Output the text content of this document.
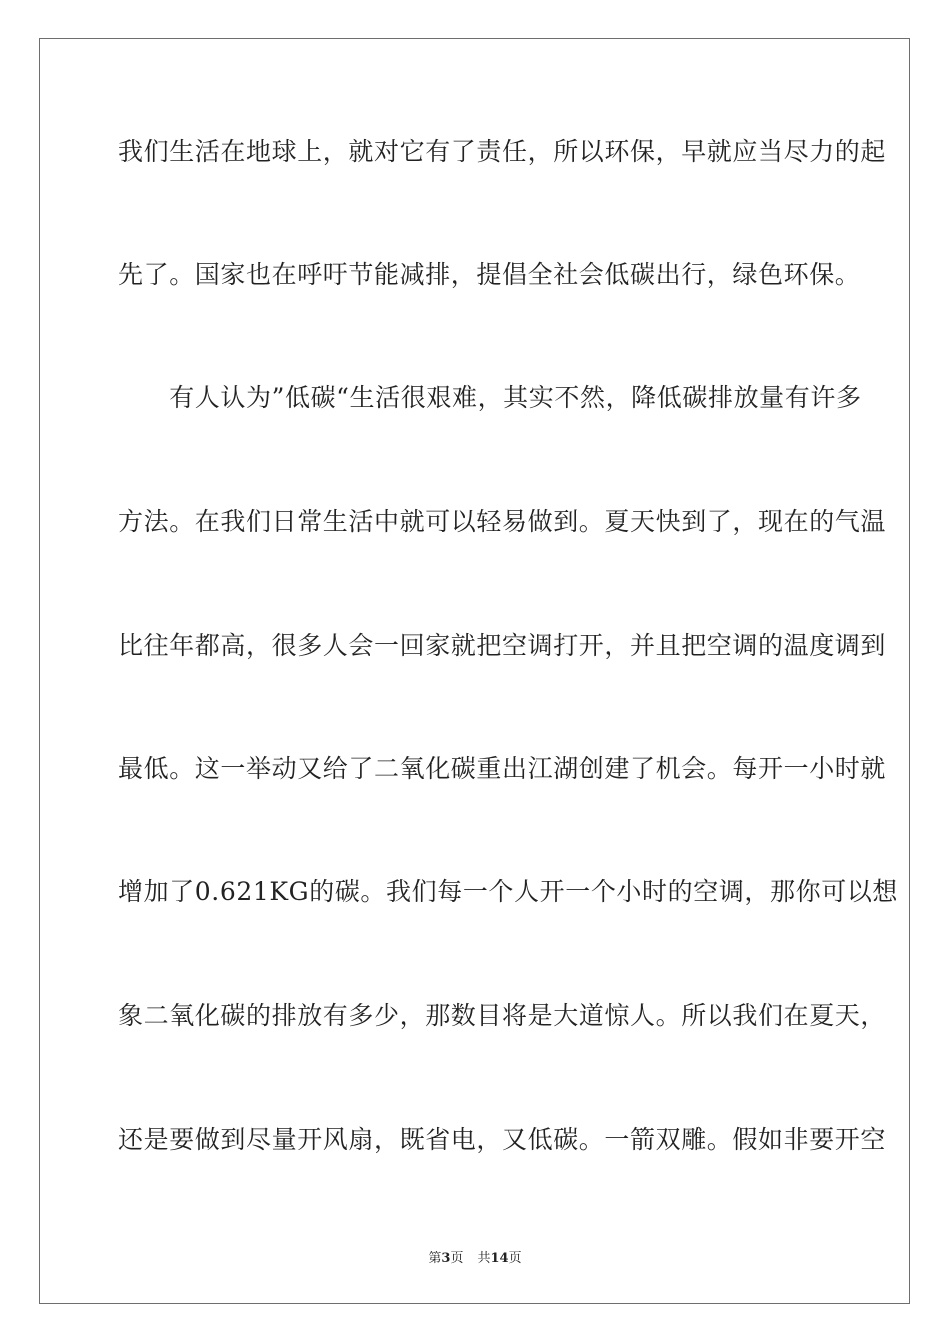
我们生活在地球上，就对它有了责任，所以环保，早就应当尽力的起
先了。国家也在呼吁节能减排，提倡全社会低碳出行，绿色环保。
　　有人认为”低碳“生活很艰难，其实不然，降低碳排放量有许多
方法。在我们日常生活中就可以轻易做到。夏天快到了，现在的气温
比往年都高，很多人会一回家就把空调打开，并且把空调的温度调到
最低。这一举动又给了二氧化碳重出江湖创建了机会。每开一小时就
增加了0.621KG的碳。我们每一个人开一个小时的空调，那你可以想
象二氧化碳的排放有多少，那数目将是大道惊人。所以我们在夏天，
还是要做到尽量开风扇，既省电，又低碳。一箭双雕。假如非要开空
第3页 共14页
